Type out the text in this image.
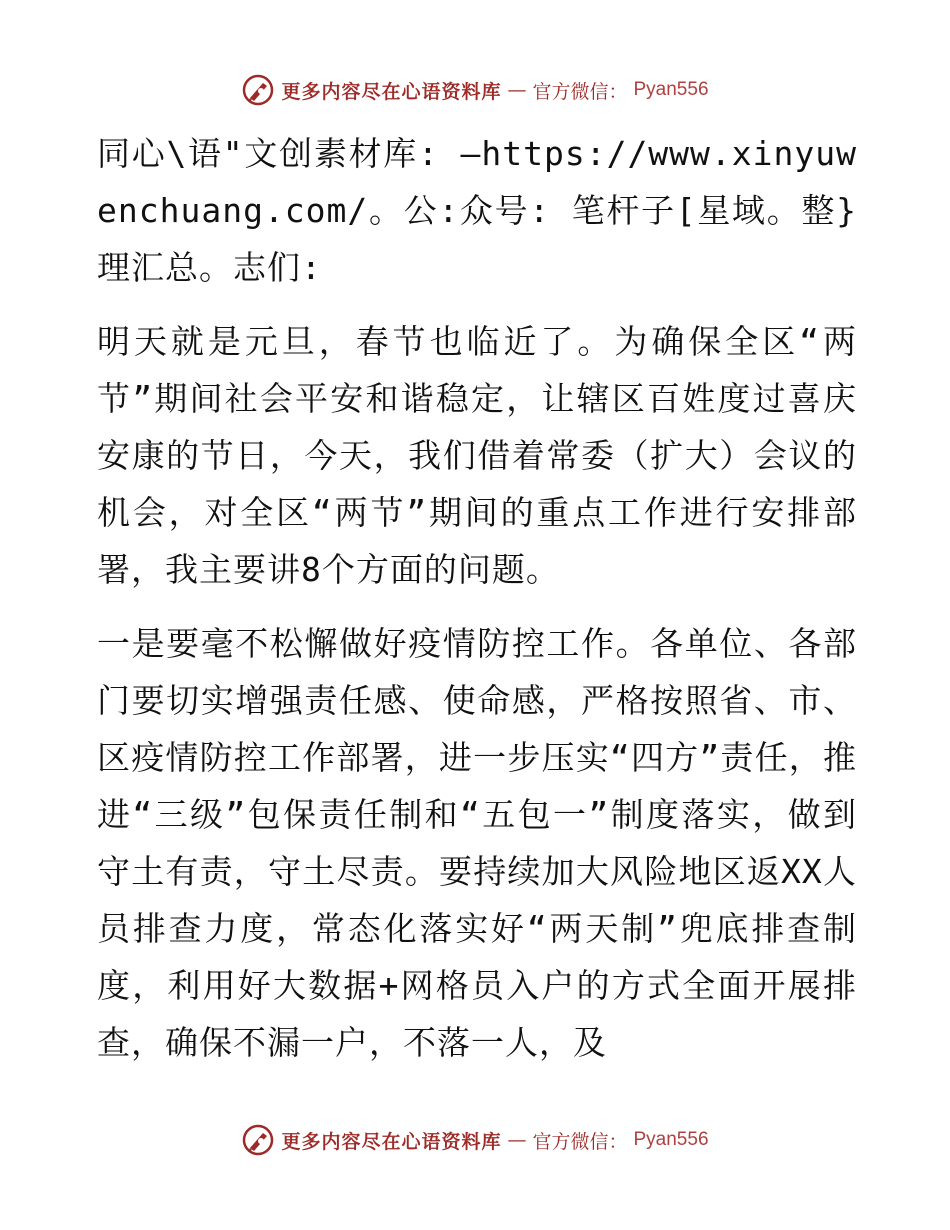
更多内容尽在心语资料库 — 官方微信： Pyan556

同心\语"文创素材库: —https://www.xinyuwenchuang.com/。公:众号: 笔杆子[星域。整}理汇总。志们:

明天就是元旦，春节也临近了。为确保全区“两节”期间社会平安和谐稳定，让辖区百姓度过喜庆安康的节日，今天，我们借着常委（扩大）会议的机会，对全区“两节”期间的重点工作进行安排部署，我主要讲8个方面的问题。

一是要毫不松懈做好疫情防控工作。各单位、各部门要切实增强责任感、使命感，严格按照省、市、区疫情防控工作部署，进一步压实“四方”责任，推进“三级”包保责任制和“五包一”制度落实，做到守土有责，守土尽责。要持续加大风险地区返XX人员排查力度，常态化落实好“两天制”兜底排查制度，利用好大数据+网格员入户的方式全面开展排查，确保不漏一户，不落一人，及

更多内容尽在心语资料库 — 官方微信： Pyan556
